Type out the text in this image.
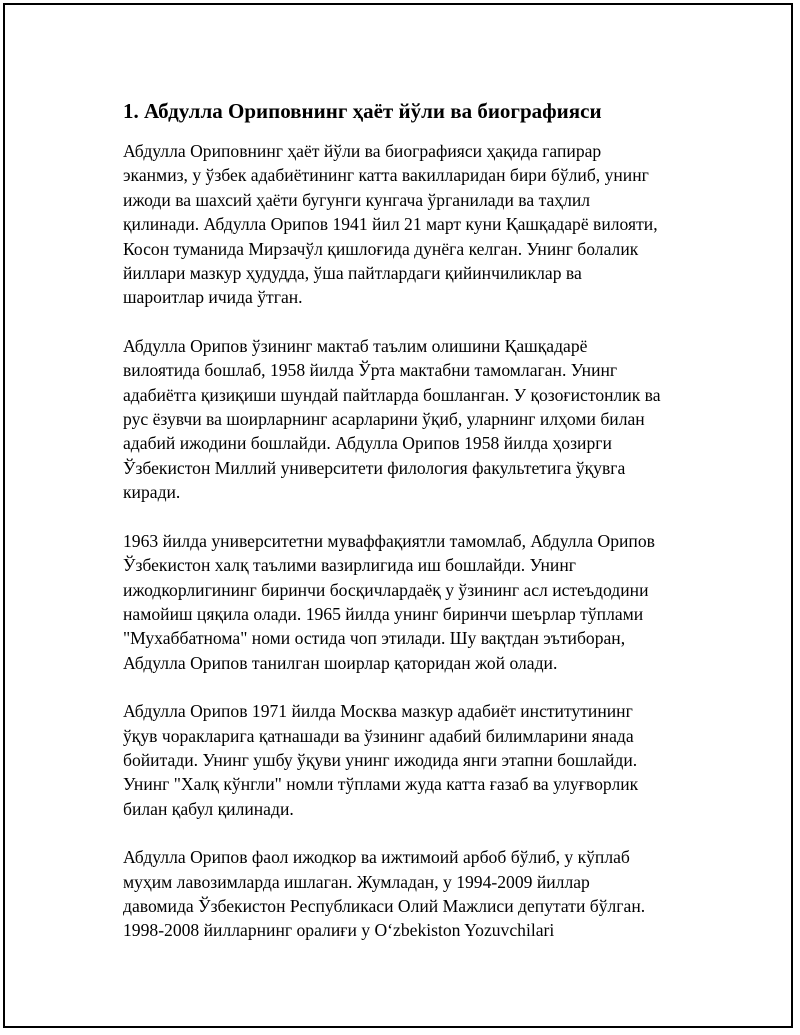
1. Абдулла Ориповнинг ҳаёт йўли ва биографияси

Абдулла Ориповнинг ҳаёт йўли ва биографияси ҳақида гапирар
эканмиз, у ўзбек адабиётининг катта вакилларидан бири бўлиб, унинг
ижоди ва шахсий ҳаёти бугунги кунгача ўрганилади ва таҳлил
қилинади. Абдулла Орипов 1941 йил 21 март куни Қашқадарё вилояти,
Косон туманида Мирзачўл қишлоғида дунёга келган. Унинг болалик
йиллари мазкур ҳудудда, ўша пайтлардаги қийинчиликлар ва
шароитлар ичида ўтган.

Абдулла Орипов ўзининг мактаб таълим олишини Қашқадарё
вилоятида бошлаб, 1958 йилда Ўрта мактабни тамомлаган. Унинг
адабиётга қизиқиши шундай пайтларда бошланган. У қозоғистонлик ва
рус ёзувчи ва шоирларнинг асарларини ўқиб, уларнинг илҳоми билан
адабий ижодини бошлайди. Абдулла Орипов 1958 йилда ҳозирги
Ўзбекистон Миллий университети филология факультетига ўқувга
киради.

1963 йилда университетни муваффақиятли тамомлаб, Абдулла Орипов
Ўзбекистон халқ таълими вазирлигида иш бошлайди. Унинг
ижодкорлигининг биринчи босқичлардаёқ у ўзининг асл истеъдодини
намойиш цяқила олади. 1965 йилда унинг биринчи шеърлар тўплами
"Мухаббатнома" номи остида чоп этилади. Шу вақтдан эътиборан,
Абдулла Орипов танилган шоирлар қаторидан жой олади.

Абдулла Орипов 1971 йилда Москва мазкур адабиёт институтининг
ўқув чоракларига қатнашади ва ўзининг адабий билимларини янада
бойитади. Унинг ушбу ўқуви унинг ижодида янги этапни бошлайди.
Унинг "Халқ кўнгли" номли тўплами жуда катта ғазаб ва улуғворлик
билан қабул қилинади.

Абдулла Орипов фаол ижодкор ва ижтимоий арбоб бўлиб, у кўплаб
муҳим лавозимларда ишлаган. Жумладан, у 1994-2009 йиллар
давомида Ўзбекистон Республикаси Олий Мажлиси депутати бўлган.
1998-2008 йилларнинг оралиғи у Oʻzbekiston Yozuvchilari
